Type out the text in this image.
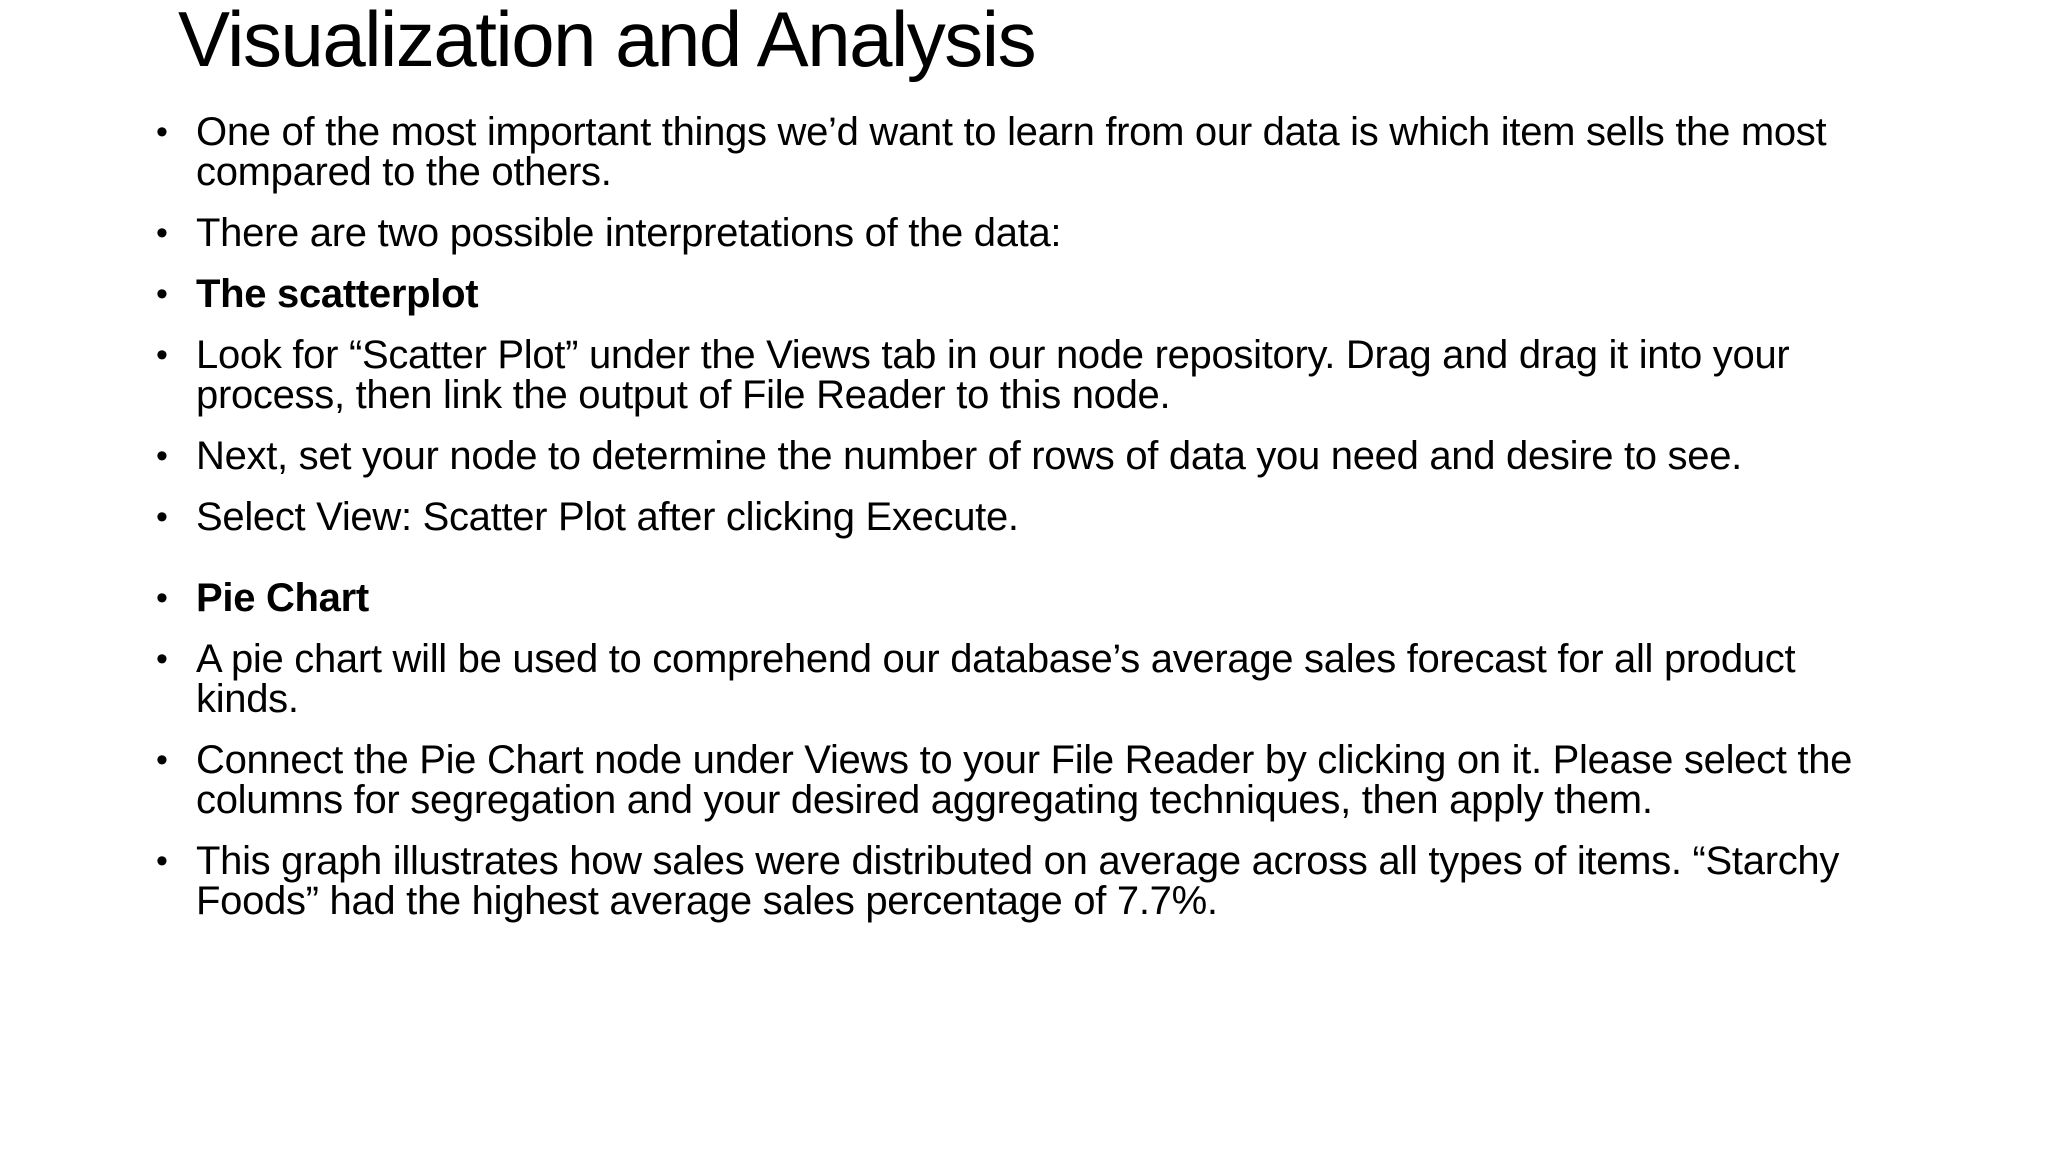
Visualization and Analysis
• One of the most important things we’d want to learn from our data is which item sells the most compared to the others.
• There are two possible interpretations of the data:
• The scatterplot
• Look for “Scatter Plot” under the Views tab in our node repository. Drag and drag it into your process, then link the output of File Reader to this node.
• Next, set your node to determine the number of rows of data you need and desire to see.
• Select View: Scatter Plot after clicking Execute.
• Pie Chart
• A pie chart will be used to comprehend our database’s average sales forecast for all product kinds.
• Connect the Pie Chart node under Views to your File Reader by clicking on it. Please select the columns for segregation and your desired aggregating techniques, then apply them.
• This graph illustrates how sales were distributed on average across all types of items. “Starchy Foods” had the highest average sales percentage of 7.7%.
